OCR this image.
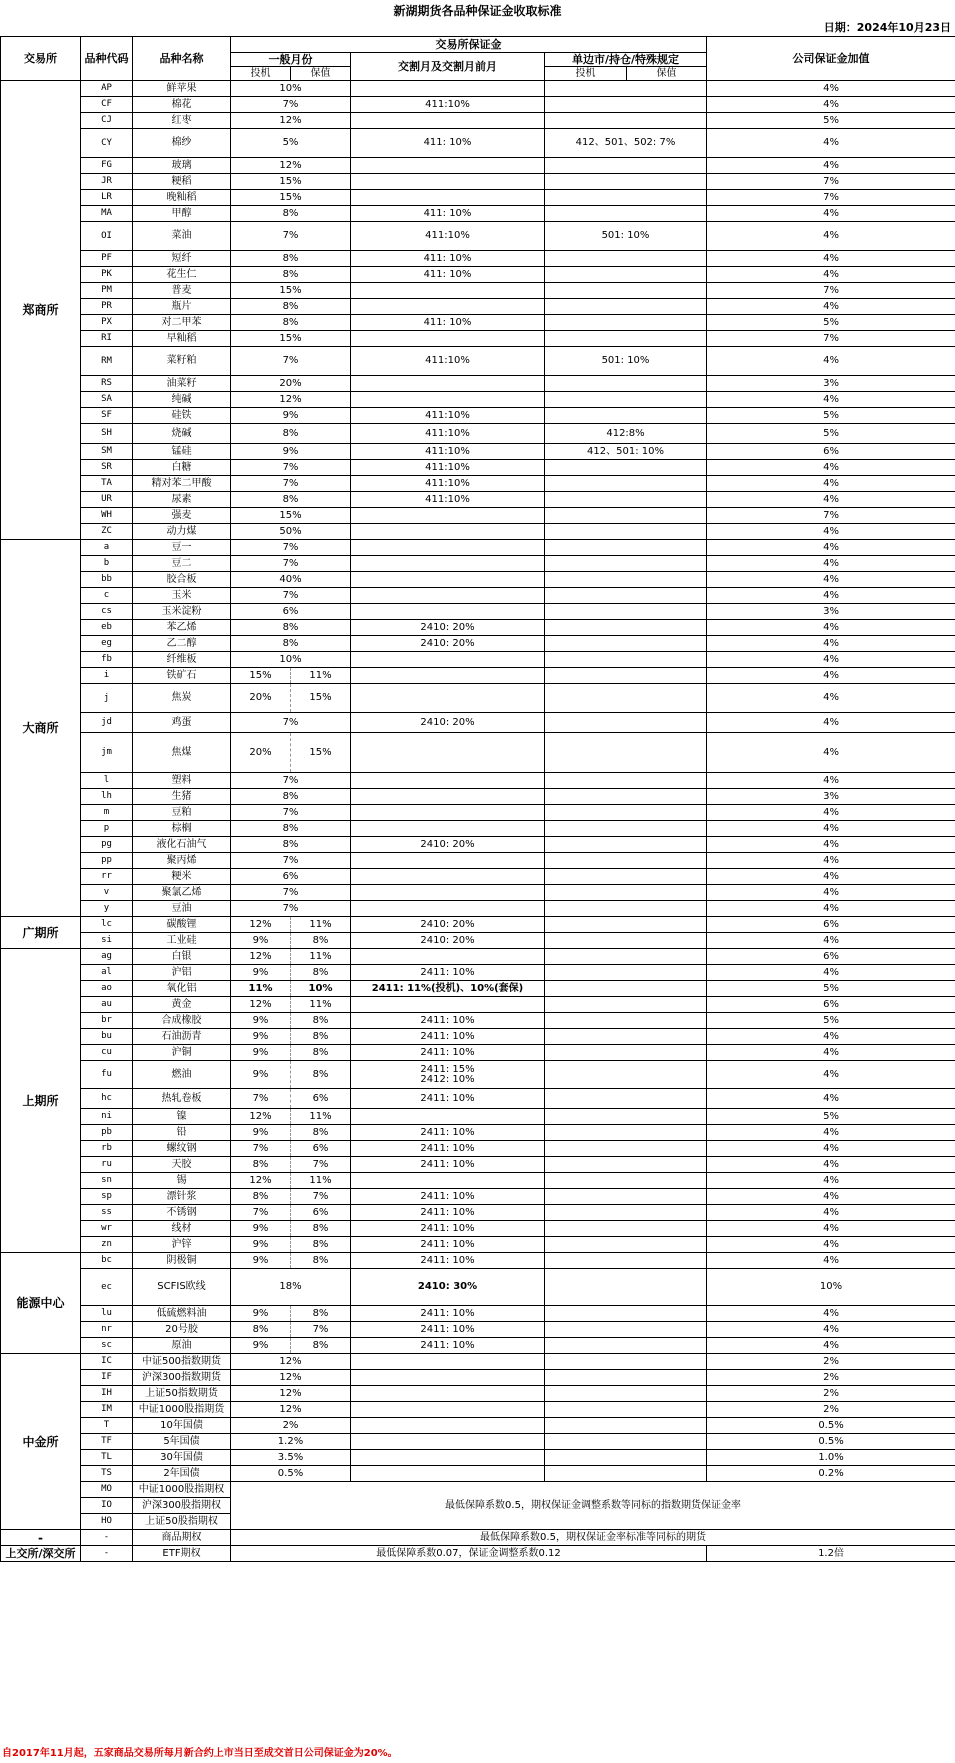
新湖期货各品种保证金收取标准
日期：2024年10月23日
交易所	品种代码	品种名称	交易所保证金					公司保证金加值	
			一般月份		交割月及交割月前月	单边市/持仓/特殊规定			
			投机	保值		投机	保值		
郑商所	AP	鲜苹果	10%					4%	
	CF	棉花	7%		411:10%			4%	
	CJ	红枣	12%					5%	
	CY	棉纱	5%		411: 10%	412、501、502: 7%		4%	
	FG	玻璃	12%					4%	
	JR	粳稻	15%					7%	
	LR	晚籼稻	15%					7%	
	MA	甲醇	8%		411: 10%			4%	
	OI	菜油	7%		411:10%	501: 10%		4%	
	PF	短纤	8%		411: 10%			4%	
	PK	花生仁	8%		411: 10%			4%	
	PM	普麦	15%					7%	
	PR	瓶片	8%					4%	
	PX	对二甲苯	8%		411: 10%			5%	
	RI	早籼稻	15%					7%	
	RM	菜籽粕	7%		411:10%	501: 10%		4%	
	RS	油菜籽	20%					3%	
	SA	纯碱	12%					4%	
	SF	硅铁	9%		411:10%			5%	
	SH	烧碱	8%		411:10%	412:8%		5%	
	SM	锰硅	9%		411:10%	412、501: 10%		6%	
	SR	白糖	7%		411:10%			4%	
	TA	精对苯二甲酸	7%		411:10%			4%	
	UR	尿素	8%		411:10%			4%	
	WH	强麦	15%					7%	
	ZC	动力煤	50%					4%	
大商所	a	豆一	7%					4%	
	b	豆二	7%					4%	
	bb	胶合板	40%					4%	
	c	玉米	7%					4%	
	cs	玉米淀粉	6%					3%	
	eb	苯乙烯	8%		2410: 20%			4%	
	eg	乙二醇	8%		2410: 20%			4%	
	fb	纤维板	10%					4%	
	i	铁矿石	15%	11%				4%	
	j	焦炭	20%	15%				4%	
	jd	鸡蛋	7%		2410: 20%			4%	
	jm	焦煤	20%	15%				4%	
	l	塑料	7%					4%	
	lh	生猪	8%					3%	
	m	豆粕	7%					4%	
	p	棕榈	8%					4%	
	pg	液化石油气	8%		2410: 20%			4%	
	pp	聚丙烯	7%					4%	
	rr	粳米	6%					4%	
	v	聚氯乙烯	7%					4%	
	y	豆油	7%					4%	
广期所	lc	碳酸锂	12%	11%	2410: 20%			6%	
	si	工业硅	9%	8%	2410: 20%			4%	
上期所	ag	白银	12%	11%				6%	
	al	沪铝	9%	8%	2411: 10%			4%	
	ao	氧化铝	11%	10%	2411: 11%(投机)、10%(套保)			5%	
	au	黄金	12%	11%				6%	
	br	合成橡胶	9%	8%	2411: 10%			5%	
	bu	石油沥青	9%	8%	2411: 10%			4%	
	cu	沪铜	9%	8%	2411: 10%			4%	
	fu	燃油	9%	8%	2411: 15%
2412: 10%			4%	
	hc	热轧卷板	7%	6%	2411: 10%			4%	
	ni	镍	12%	11%				5%	
	pb	铅	9%	8%	2411: 10%			4%	
	rb	螺纹钢	7%	6%	2411: 10%			4%	
	ru	天胶	8%	7%	2411: 10%			4%	
	sn	锡	12%	11%				4%	
	sp	漂针浆	8%	7%	2411: 10%			4%	
	ss	不锈钢	7%	6%	2411: 10%			4%	
	wr	线材	9%	8%	2411: 10%			4%	
	zn	沪锌	9%	8%	2411: 10%			4%	
能源中心	bc	阴极铜	9%	8%	2411: 10%			4%	
	ec	SCFIS欧线	18%		2410: 30%			10%	
	lu	低硫燃料油	9%	8%	2411: 10%			4%	
	nr	20号胶	8%	7%	2411: 10%			4%	
	sc	原油	9%	8%	2411: 10%			4%	
中金所	IC	中证500指数期货	12%					2%	
	IF	沪深300指数期货	12%					2%	
	IH	上证50指数期货	12%					2%	
	IM	中证1000股指期货	12%					2%	
	T	10年国债	2%					0.5%	
	TF	5年国债	1.2%					0.5%	
	TL	30年国债	3.5%					1.0%	
	TS	2年国债	0.5%					0.2%	
	MO	中证1000股指期权	最低保障系数0.5，期权保证金调整系数等同标的指数期货保证金率						
	IO	沪深300股指期权							
	HO	上证50股指期权							
-	-	商品期权	最低保障系数0.5，期权保证金率标准等同标的期货						
上交所/深交所	-	ETF期权	最低保障系数0.07，保证金调整系数0.12					1.2倍	
自2017年11月起，五家商品交易所每月新合约上市当日至成交首日公司保证金为20%。
